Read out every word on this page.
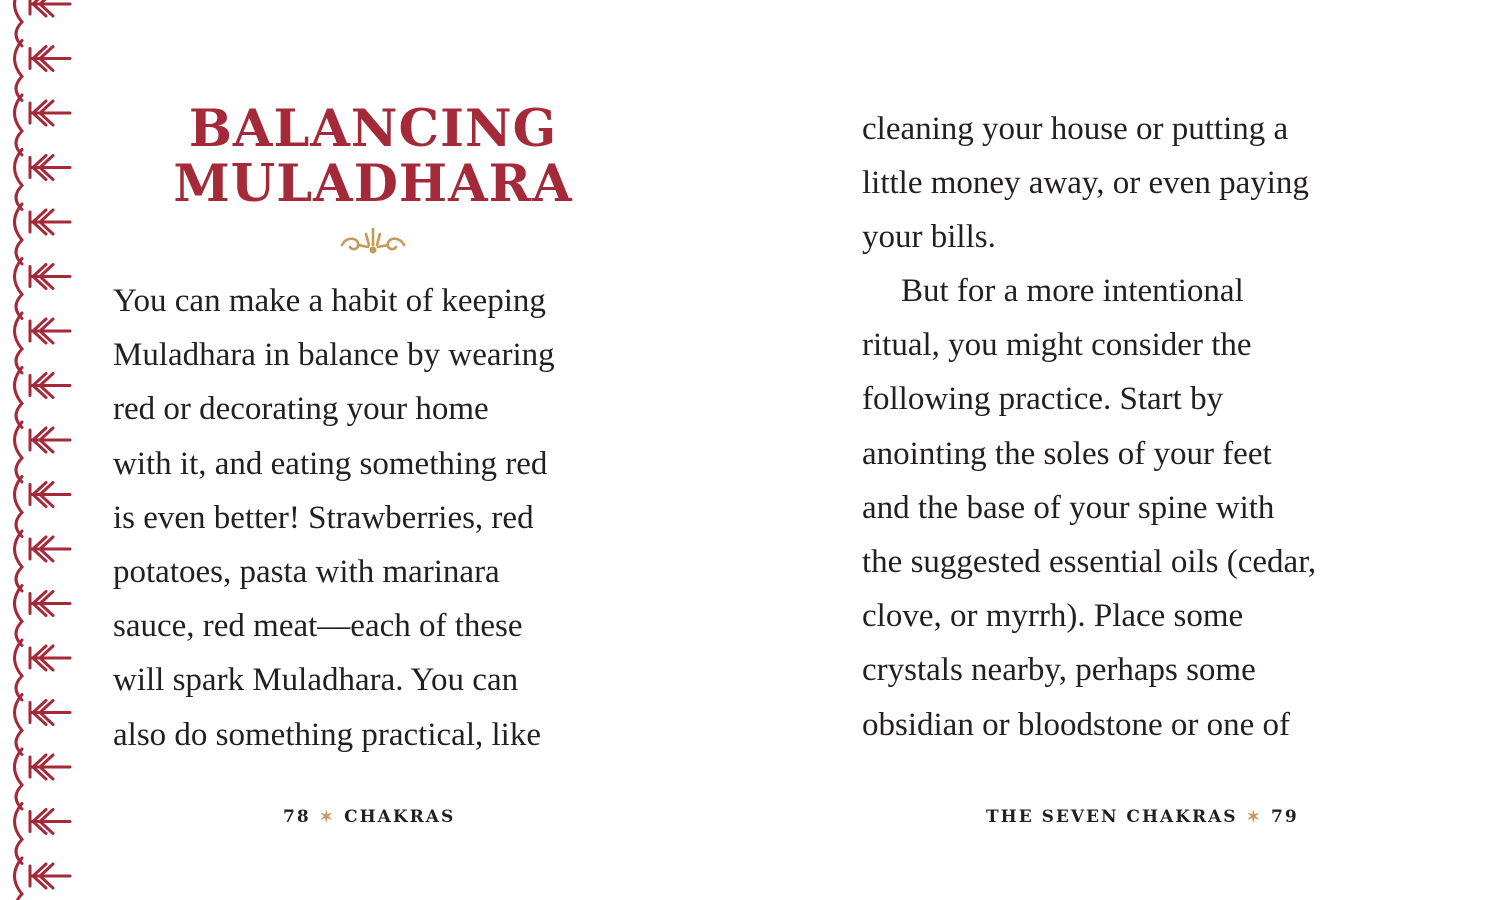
BALANCING
MULADHARA

You can make a habit of keeping
Muladhara in balance by wearing
red or decorating your home
with it, and eating something red
is even better! Strawberries, red
potatoes, pasta with marinara
sauce, red meat—each of these
will spark Muladhara. You can
also do something practical, like

78 ✶ CHAKRAS

cleaning your house or putting a
little money away, or even paying
your bills.

But for a more intentional
ritual, you might consider the
following practice. Start by
anointing the soles of your feet
and the base of your spine with
the suggested essential oils (cedar,
clove, or myrrh). Place some
crystals nearby, perhaps some
obsidian or bloodstone or one of

THE SEVEN CHAKRAS ✶ 79
